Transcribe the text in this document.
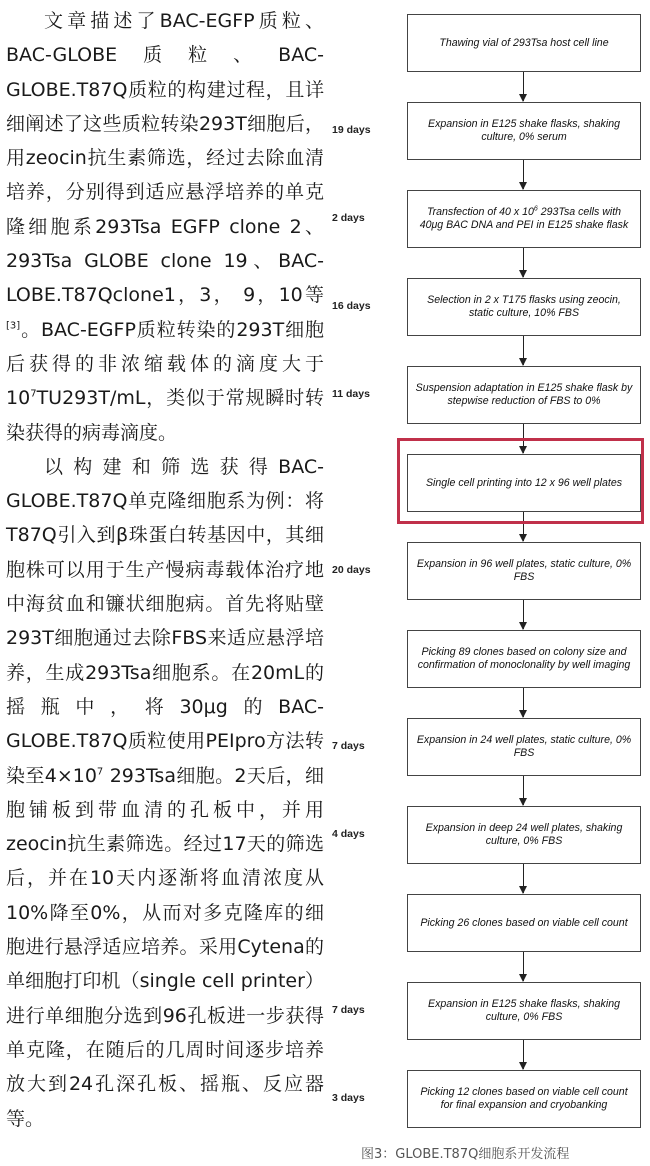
文章描述了BAC-EGFP质粒、BAC-GLOBE质粒、BAC-GLOBE.T87Q质粒的构建过程，且详细阐述了这些质粒转染293T细胞后，用zeocin抗生素筛选，经过去除血清培养，分别得到适应悬浮培养的单克隆细胞系293Tsa EGFP clone 2、293Tsa GLOBE clone 19、BAC-LOBE.T87Qclone1，3， 9，10等[3]。BAC-EGFP质粒转染的293T细胞后获得的非浓缩载体的滴度大于$10^7TU293T/mL$，类似于常规瞬时转染获得的病毒滴度。

以构建和筛选获得BAC-GLOBE.T87Q单克隆细胞系为例：将T87Q引入到β珠蛋白转基因中，其细胞株可以用于生产慢病毒载体治疗地中海贫血和镰状细胞病。首先将贴壁293T细胞通过去除FBS来适应悬浮培养，生成293Tsa细胞系。在20mL的摇瓶中，将30μg的BAC-GLOBE.T87Q质粒使用PEIpro方法转染至$4\times 10^7$ 293Tsa细胞。2天后，细胞铺板到带血清的孔板中，并用zeocin抗生素筛选。经过17天的筛选后，并在10天内逐渐将血清浓度从10%降至0%，从而对多克隆库的细胞进行悬浮适应培养。采用Cytena的单细胞打印机（single cell printer）进行单细胞分选到96孔板进一步获得单克隆，在随后的几周时间逐步培养放大到24孔深孔板、摇瓶、反应器等。

Thawing vial of 293Tsa host cell line
Expansion in E125 shake flasks, shaking culture, 0% serum
Transfection of 40 x $10^6$ 293Tsa cells with 40μg BAC DNA and PEI in E125 shake flask
Selection in 2 x T175 flasks using zeocin, static culture, 10% FBS
Suspension adaptation in E125 shake flask by stepwise reduction of FBS to 0%
Single cell printing into 12 x 96 well plates
Expansion in 96 well plates, static culture, 0% FBS
Picking 89 clones based on colony size and confirmation of monoclonality by well imaging
Expansion in 24 well plates, static culture, 0% FBS
Expansion in deep 24 well plates, shaking culture, 0% FBS
Picking 26 clones based on viable cell count
Expansion in E125 shake flasks, shaking culture, 0% FBS
Picking 12 clones based on viable cell count for final expansion and cryobanking
19 days
2 days
16 days
11 days
20 days
7 days
4 days
7 days
3 days
图3：GLOBE.T87Q细胞系开发流程
